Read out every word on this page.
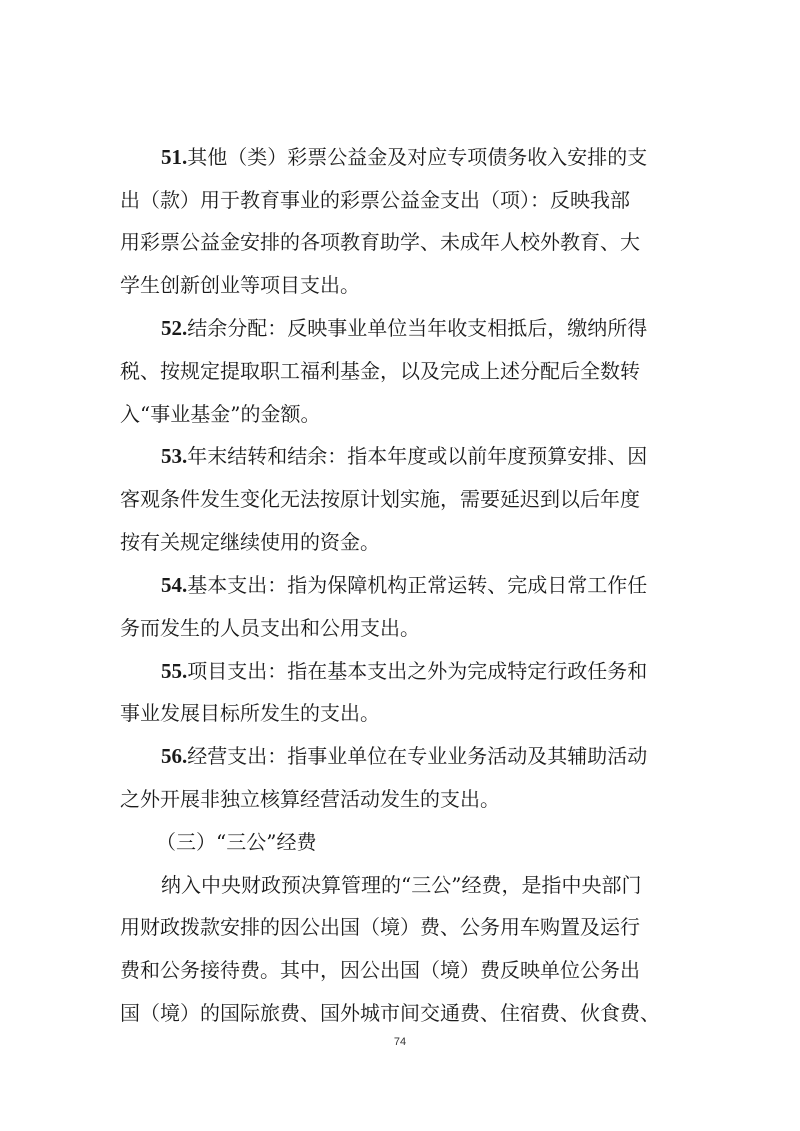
51.其他（类）彩票公益金及对应专项债务收入安排的支
出（款）用于教育事业的彩票公益金支出（项）：反映我部
用彩票公益金安排的各项教育助学、未成年人校外教育、大
学生创新创业等项目支出。
52.结余分配：反映事业单位当年收支相抵后，缴纳所得
税、按规定提取职工福利基金，以及完成上述分配后全数转
入“事业基金”的金额。
53.年末结转和结余：指本年度或以前年度预算安排、因
客观条件发生变化无法按原计划实施，需要延迟到以后年度
按有关规定继续使用的资金。
54.基本支出：指为保障机构正常运转、完成日常工作任
务而发生的人员支出和公用支出。
55.项目支出：指在基本支出之外为完成特定行政任务和
事业发展目标所发生的支出。
56.经营支出：指事业单位在专业业务活动及其辅助活动
之外开展非独立核算经营活动发生的支出。
（三）“三公”经费
纳入中央财政预决算管理的“三公”经费，是指中央部门
用财政拨款安排的因公出国（境）费、公务用车购置及运行
费和公务接待费。其中，因公出国（境）费反映单位公务出
国（境）的国际旅费、国外城市间交通费、住宿费、伙食费、
74
